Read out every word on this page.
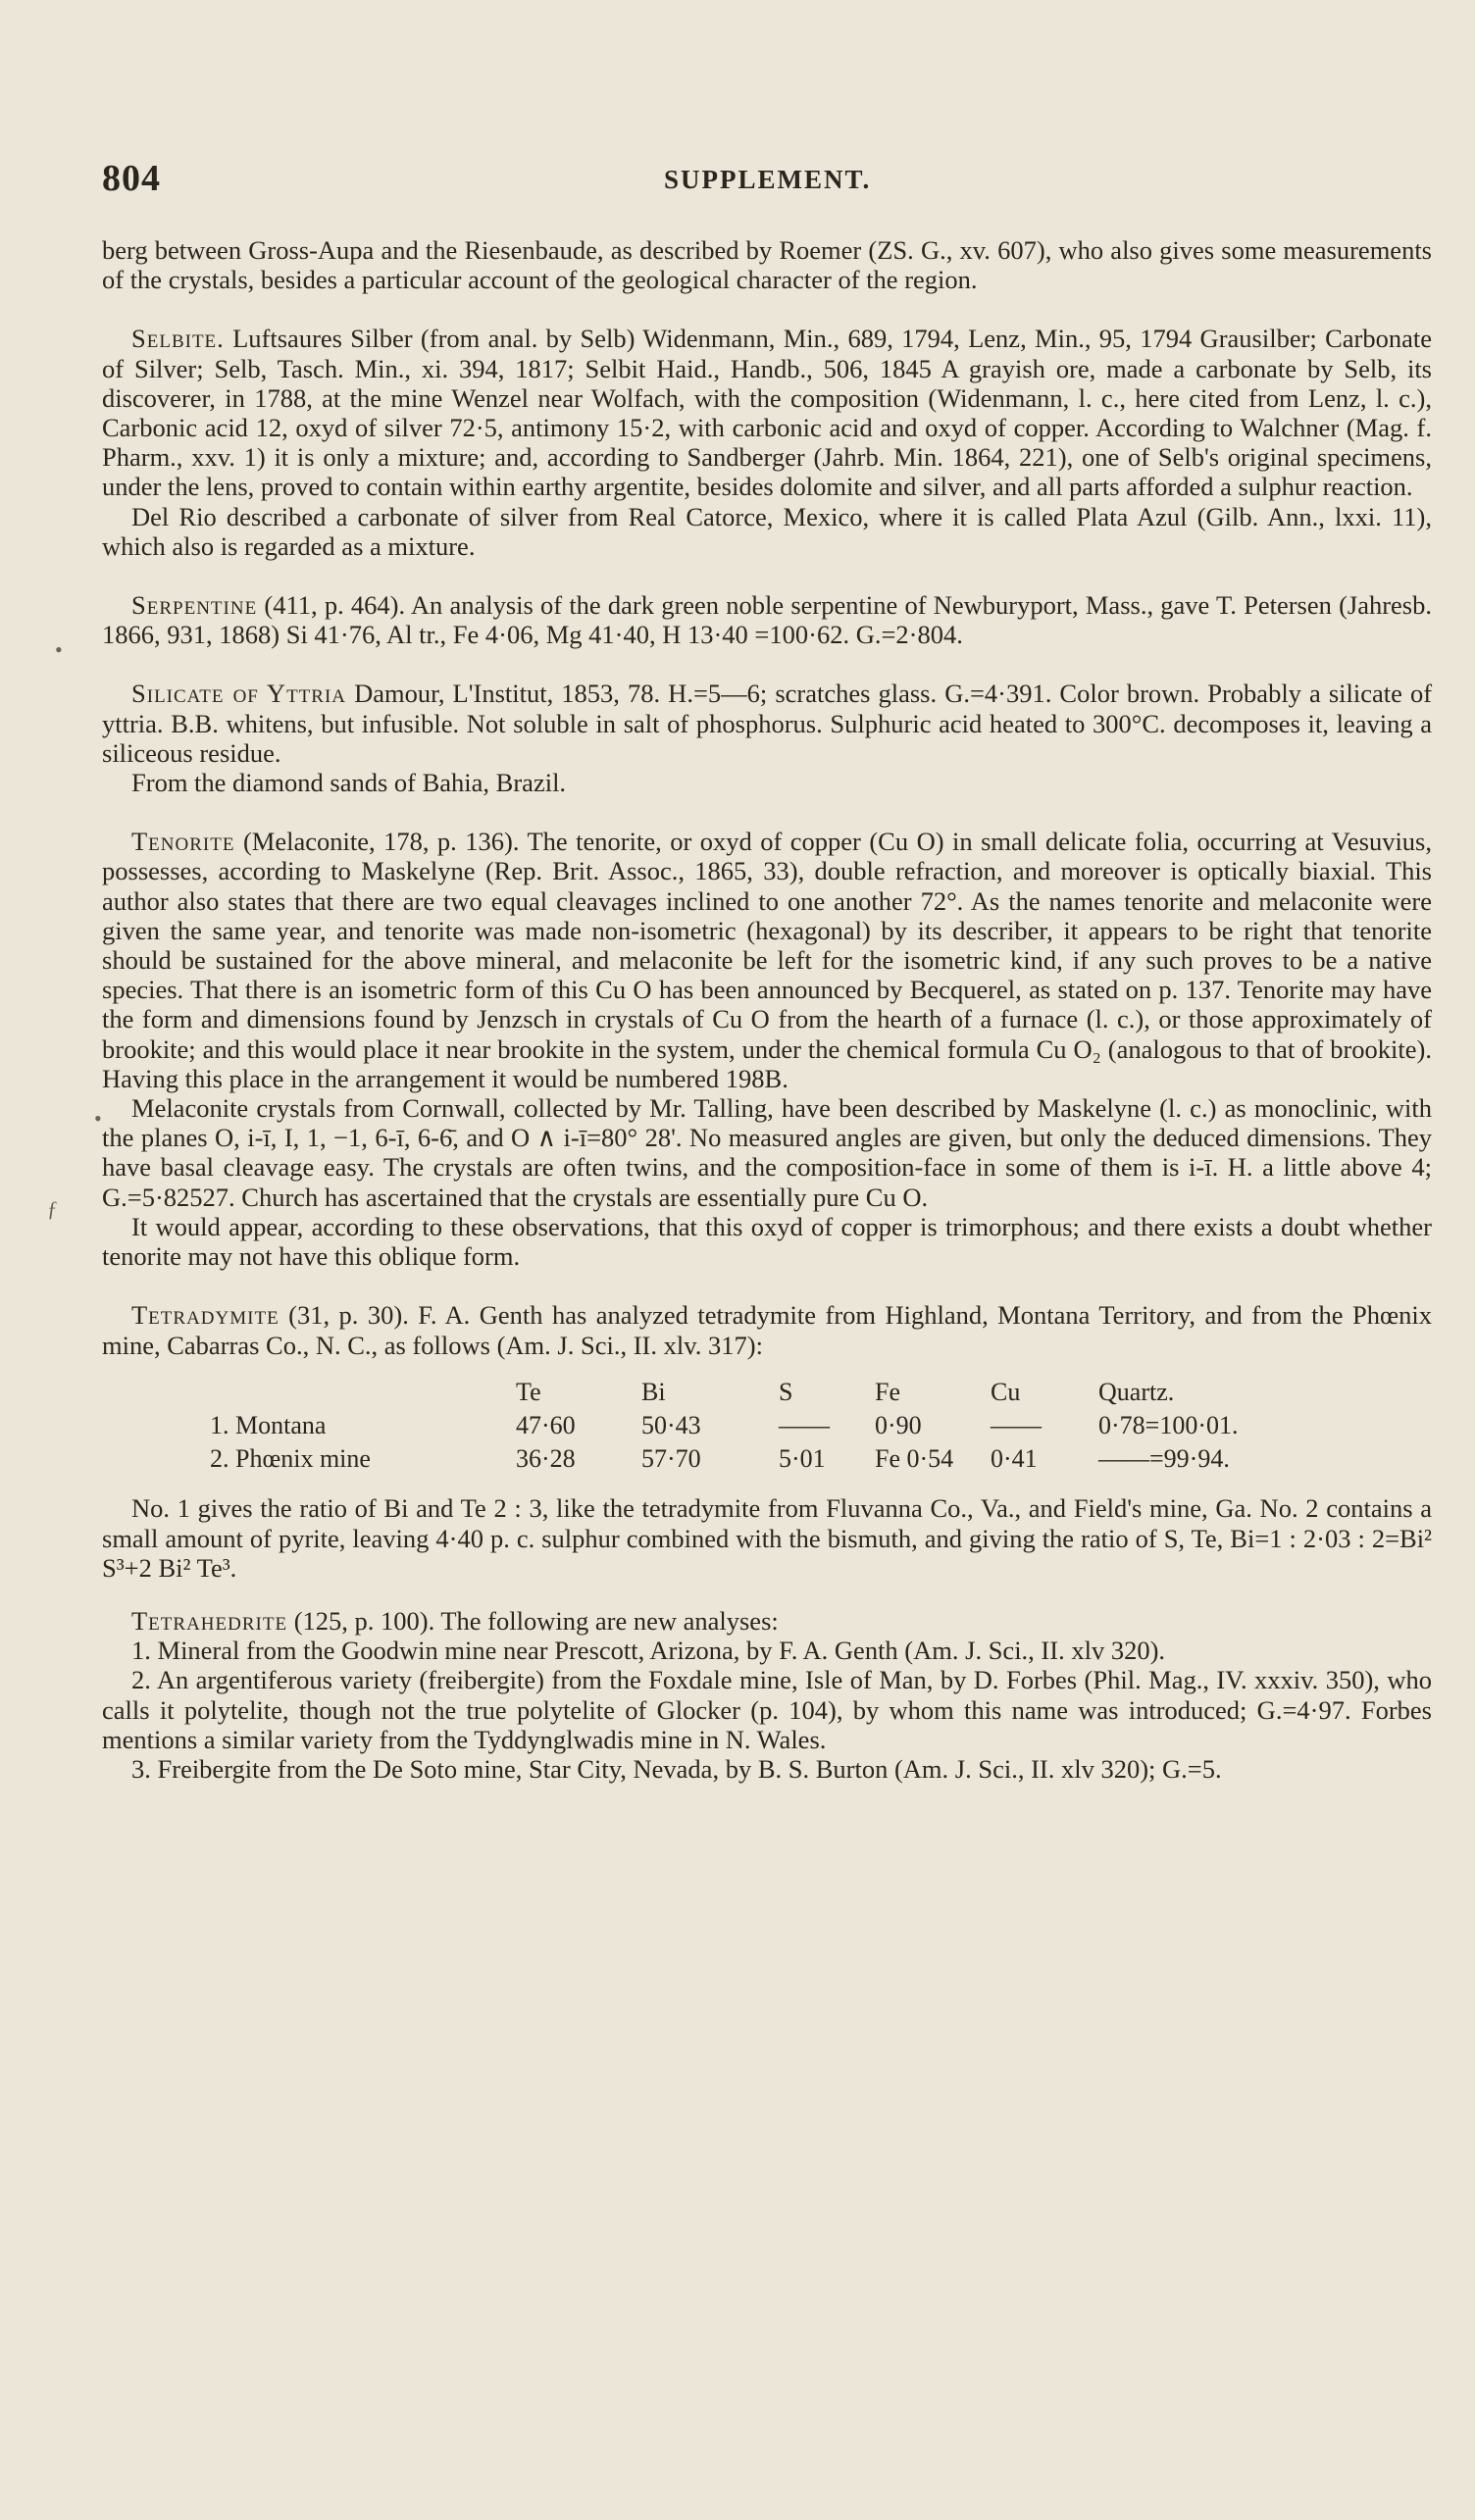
804	SUPPLEMENT.
•
•
ƒ

berg between Gross-Aupa and the Riesenbaude, as described by Roemer (ZS. G., xv. 607), who also gives some measurements of the crystals, besides a particular account of the geological character of the region.

Selbite. Luftsaures Silber (from anal. by Selb) Widenmann, Min., 689, 1794, Lenz, Min., 95, 1794 Grausilber; Carbonate of Silver; Selb, Tasch. Min., xi. 394, 1817; Selbit Haid., Handb., 506, 1845 A grayish ore, made a carbonate by Selb, its discoverer, in 1788, at the mine Wenzel near Wolfach, with the composition (Widenmann, l. c., here cited from Lenz, l. c.), Carbonic acid 12, oxyd of silver 72·5, antimony 15·2, with carbonic acid and oxyd of copper. According to Walchner (Mag. f. Pharm., xxv. 1) it is only a mixture; and, according to Sandberger (Jahrb. Min. 1864, 221), one of Selb's original specimens, under the lens, proved to contain within earthy argentite, besides dolomite and silver, and all parts afforded a sulphur reaction.

Del Rio described a carbonate of silver from Real Catorce, Mexico, where it is called Plata Azul (Gilb. Ann., lxxi. 11), which also is regarded as a mixture.

Serpentine (411, p. 464). An analysis of the dark green noble serpentine of Newburyport, Mass., gave T. Petersen (Jahresb. 1866, 931, 1868) Si 41·76, Al tr., Fe 4·06, Mg 41·40, H 13·40 =100·62. G.=2·804.

Silicate of Yttria Damour, L'Institut, 1853, 78. H.=5—6; scratches glass. G.=4·391. Color brown. Probably a silicate of yttria. B.B. whitens, but infusible. Not soluble in salt of phosphorus. Sulphuric acid heated to 300°C. decomposes it, leaving a siliceous residue.

From the diamond sands of Bahia, Brazil.

Tenorite (Melaconite, 178, p. 136). The tenorite, or oxyd of copper (Cu O) in small delicate folia, occurring at Vesuvius, possesses, according to Maskelyne (Rep. Brit. Assoc., 1865, 33), double refraction, and moreover is optically biaxial. This author also states that there are two equal cleavages inclined to one another 72°. As the names tenorite and melaconite were given the same year, and tenorite was made non-isometric (hexagonal) by its describer, it appears to be right that tenorite should be sustained for the above mineral, and melaconite be left for the isometric kind, if any such proves to be a native species. That there is an isometric form of this Cu O has been announced by Becquerel, as stated on p. 137. Tenorite may have the form and dimensions found by Jenzsch in crystals of Cu O from the hearth of a furnace (l. c.), or those approximately of brookite; and this would place it near brookite in the system, under the chemical formula Cu O₂ (analogous to that of brookite). Having this place in the arrangement it would be numbered 198B.

Melaconite crystals from Cornwall, collected by Mr. Talling, have been described by Maskelyne (l. c.) as monoclinic, with the planes O, i-ī, I, 1, −1, 6-ī, 6-6̄, and O ∧ i-ī=80° 28'. No measured angles are given, but only the deduced dimensions. They have basal cleavage easy. The crystals are often twins, and the composition-face in some of them is i-ī. H. a little above 4; G.=5·82527. Church has ascertained that the crystals are essentially pure Cu O.

It would appear, according to these observations, that this oxyd of copper is trimorphous; and there exists a doubt whether tenorite may not have this oblique form.

Tetradymite (31, p. 30). F. A. Genth has analyzed tetradymite from Highland, Montana Territory, and from the Phœnix mine, Cabarras Co., N. C., as follows (Am. J. Sci., II. xlv. 317):

	Te	Bi	S	Fe	Cu	Quartz.
1. Montana	47·60	50·43	——	0·90	——	0·78=100·01.
2. Phœnix mine	36·28	57·70	5·01	Fe 0·54	0·41	——=99·94.

No. 1 gives the ratio of Bi and Te 2 : 3, like the tetradymite from Fluvanna Co., Va., and Field's mine, Ga. No. 2 contains a small amount of pyrite, leaving 4·40 p. c. sulphur combined with the bismuth, and giving the ratio of S, Te, Bi=1 : 2·03 : 2=Bi² S³+2 Bi² Te³.

Tetrahedrite (125, p. 100). The following are new analyses:

1. Mineral from the Goodwin mine near Prescott, Arizona, by F. A. Genth (Am. J. Sci., II. xlv 320).

2. An argentiferous variety (freibergite) from the Foxdale mine, Isle of Man, by D. Forbes (Phil. Mag., IV. xxxiv. 350), who calls it polytelite, though not the true polytelite of Glocker (p. 104), by whom this name was introduced; G.=4·97. Forbes mentions a similar variety from the Tyddynglwadis mine in N. Wales.

3. Freibergite from the De Soto mine, Star City, Nevada, by B. S. Burton (Am. J. Sci., II. xlv 320); G.=5.
